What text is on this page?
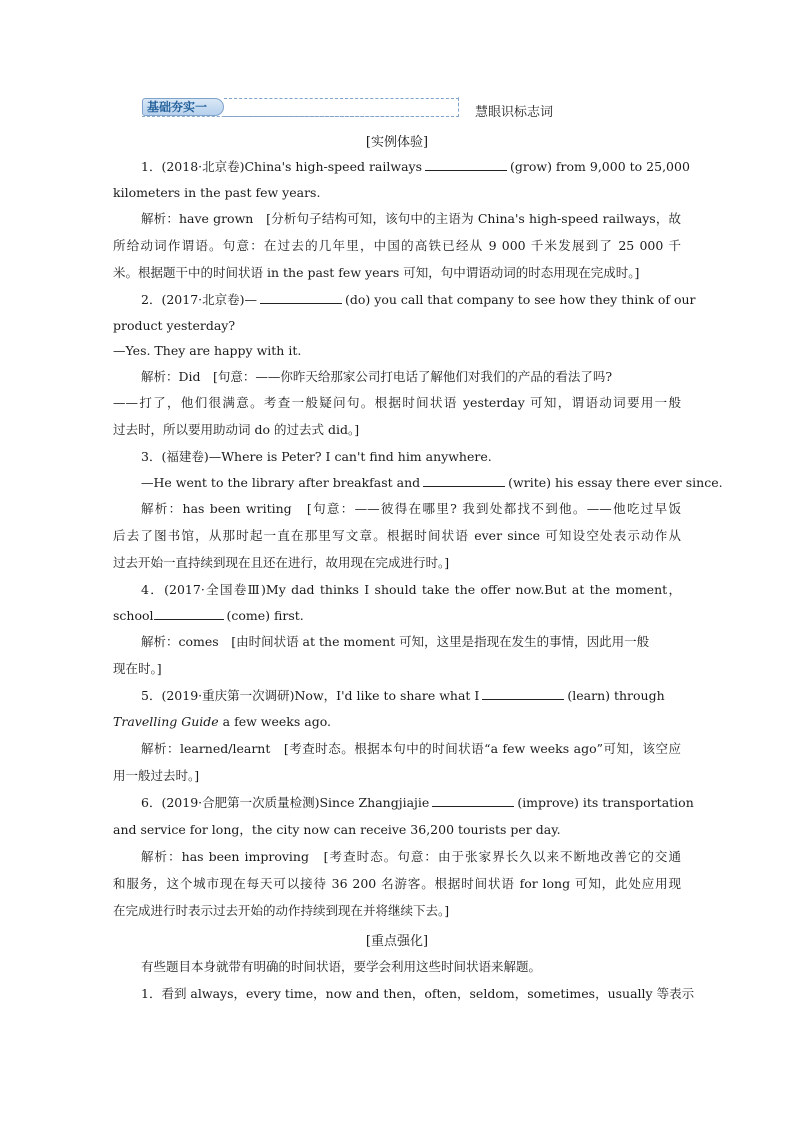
基础夯实一	慧眼识标志词
[实例体验]
1．(2018·北京卷)China's high-speed railways	(grow) from 9,000 to 25,000
kilometers in the past few years.
解析：have grown　[分析句子结构可知，该句中的主语为 China's high-speed railways，故
所给动词作谓语。句意：在过去的几年里，中国的高铁已经从 9 000 千米发展到了 25 000 千
米。根据题干中的时间状语 in the past few years 可知，句中谓语动词的时态用现在完成时。]
2．(2017·北京卷)—	(do) you call that company to see how they think of our
product yesterday?
—Yes. They are happy with it.
解析：Did　[句意：——你昨天给那家公司打电话了解他们对我们的产品的看法了吗?
——打了，他们很满意。考查一般疑问句。根据时间状语 yesterday 可知，谓语动词要用一般
过去时，所以要用助动词 do 的过去式 did。]
3．(福建卷)—Where is Peter? I can't find him anywhere.
—He went to the library after breakfast and	(write) his essay there ever since.
解析：has been writing　[句意：——彼得在哪里? 我到处都找不到他。——他吃过早饭
后去了图书馆，从那时起一直在那里写文章。根据时间状语 ever since 可知设空处表示动作从
过去开始一直持续到现在且还在进行，故用现在完成进行时。]
4．(2017·全国卷Ⅲ)My dad thinks I should take the offer now.But at the moment，
school	(come) first.
解析：comes　[由时间状语 at the moment 可知，这里是指现在发生的事情，因此用一般
现在时。]
5．(2019·重庆第一次调研)Now，I'd like to share what I	(learn) through
Travelling Guide a few weeks ago.
解析：learned/learnt　[考查时态。根据本句中的时间状语“a few weeks ago”可知，该空应
用一般过去时。]
6．(2019·合肥第一次质量检测)Since Zhangjiajie	(improve) its transportation
and service for long，the city now can receive 36,200 tourists per day.
解析：has been improving　[考查时态。句意：由于张家界长久以来不断地改善它的交通
和服务，这个城市现在每天可以接待 36 200 名游客。根据时间状语 for long 可知，此处应用现
在完成进行时表示过去开始的动作持续到现在并将继续下去。]
[重点强化]
有些题目本身就带有明确的时间状语，要学会利用这些时间状语来解题。
1．看到 always，every time，now and then，often，seldom，sometimes，usually 等表示
